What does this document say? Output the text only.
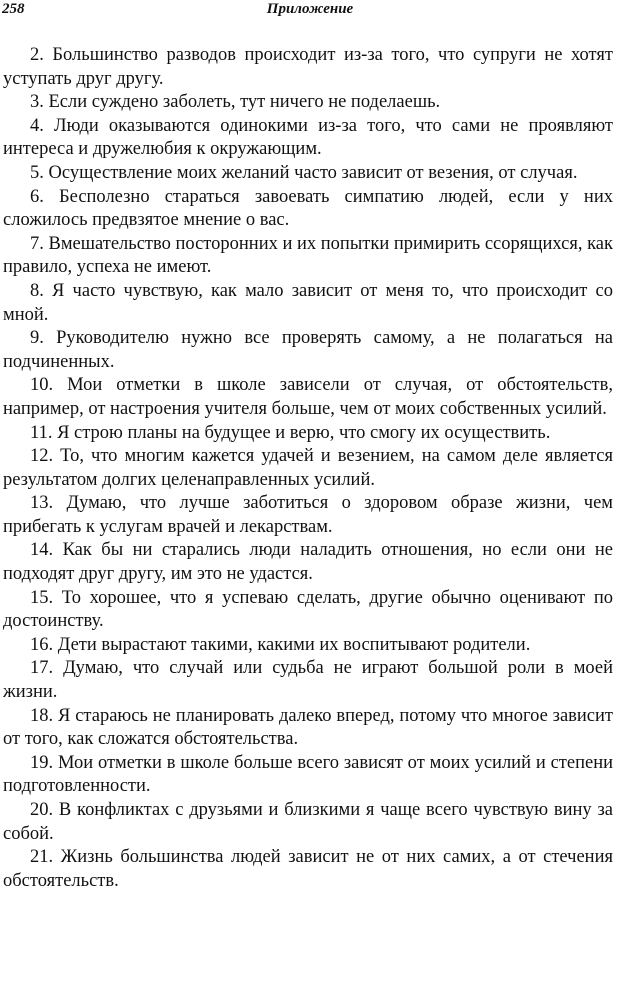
258	Приложение

2. Большинство разводов происходит из-за того, что супруги не хотят уступать друг другу.

3. Если суждено заболеть, тут ничего не поделаешь.

4. Люди оказываются одинокими из-за того, что сами не проявляют интереса и дружелюбия к окружающим.

5. Осуществление моих желаний часто зависит от везения, от случая.

6. Бесполезно стараться завоевать симпатию людей, если у них сложилось предвзятое мнение о вас.

7. Вмешательство посторонних и их попытки примирить ссорящихся, как правило, успеха не имеют.

8. Я часто чувствую, как мало зависит от меня то, что происходит со мной.

9. Руководителю нужно все проверять самому, а не полагаться на подчиненных.

10. Мои отметки в школе зависели от случая, от обстоятельств, например, от настроения учителя больше, чем от моих собственных усилий.

11. Я строю планы на будущее и верю, что смогу их осуществить.

12. То, что многим кажется удачей и везением, на самом деле является результатом долгих целенаправленных усилий.

13. Думаю, что лучше заботиться о здоровом образе жизни, чем прибегать к услугам врачей и лекарствам.

14. Как бы ни старались люди наладить отношения, но если они не подходят друг другу, им это не удастся.

15. То хорошее, что я успеваю сделать, другие обычно оценивают по достоинству.

16. Дети вырастают такими, какими их воспитывают родители.

17. Думаю, что случай или судьба не играют большой роли в моей жизни.

18. Я стараюсь не планировать далеко вперед, потому что многое зависит от того, как сложатся обстоятельства.

19. Мои отметки в школе больше всего зависят от моих усилий и степени подготовленности.

20. В конфликтах с друзьями и близкими я чаще всего чувствую вину за собой.

21. Жизнь большинства людей зависит не от них самих, а от стечения обстоятельств.
